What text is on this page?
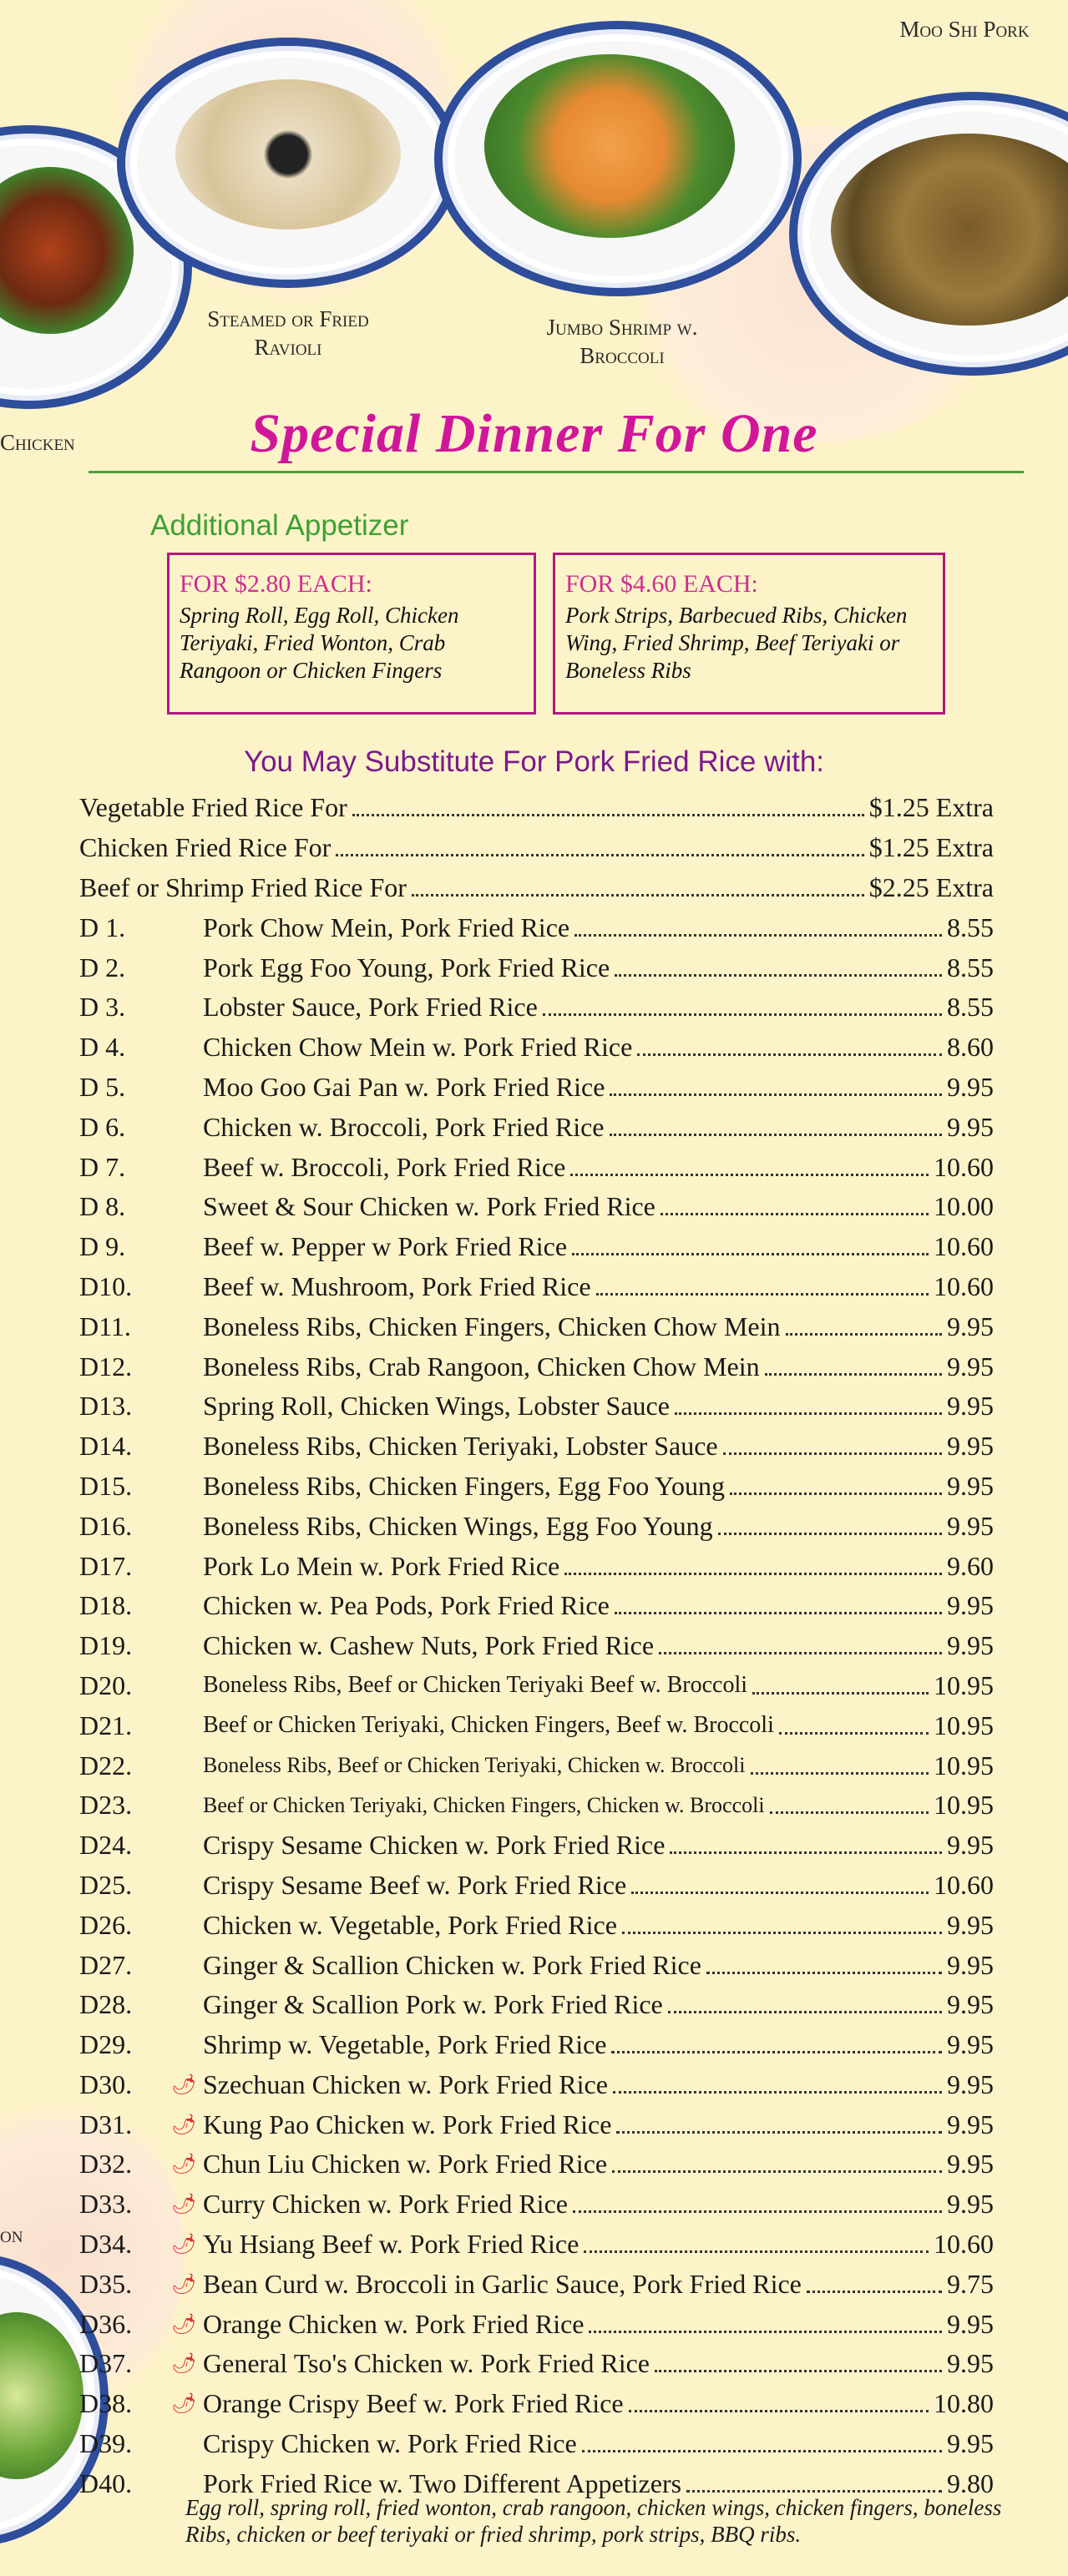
Moo Shi Pork
Steamed or Fried
Ravioli
Jumbo Shrimp w.
Broccoli
Chicken
on
Special Dinner For One
Additional Appetizer
FOR $2.80 EACH:
Spring Roll, Egg Roll, Chicken Teriyaki, Fried Wonton, Crab Rangoon or Chicken Fingers
FOR $4.60 EACH:
Pork Strips, Barbecued Ribs, Chicken Wing, Fried Shrimp, Beef Teriyaki or Boneless Ribs
You May Substitute For Pork Fried Rice with:
Vegetable Fried Rice For	$1.25 Extra
Chicken Fried Rice For	$1.25 Extra
Beef or Shrimp Fried Rice For	$2.25 Extra
D 1.	Pork Chow Mein, Pork Fried Rice	8.55
D 2.	Pork Egg Foo Young, Pork Fried Rice	8.55
D 3.	Lobster Sauce, Pork Fried Rice	8.55
D 4.	Chicken Chow Mein w. Pork Fried Rice	8.60
D 5.	Moo Goo Gai Pan w. Pork Fried Rice	9.95
D 6.	Chicken w. Broccoli, Pork Fried Rice	9.95
D 7.	Beef w. Broccoli, Pork Fried Rice	10.60
D 8.	Sweet & Sour Chicken w. Pork Fried Rice	10.00
D 9.	Beef w. Pepper w Pork Fried Rice	10.60
D10.	Beef w. Mushroom, Pork Fried Rice	10.60
D11.	Boneless Ribs, Chicken Fingers, Chicken Chow Mein	9.95
D12.	Boneless Ribs, Crab Rangoon, Chicken Chow Mein	9.95
D13.	Spring Roll, Chicken Wings, Lobster Sauce	9.95
D14.	Boneless Ribs, Chicken Teriyaki, Lobster Sauce	9.95
D15.	Boneless Ribs, Chicken Fingers, Egg Foo Young	9.95
D16.	Boneless Ribs, Chicken Wings, Egg Foo Young	9.95
D17.	Pork Lo Mein w. Pork Fried Rice	9.60
D18.	Chicken w. Pea Pods, Pork Fried Rice	9.95
D19.	Chicken w. Cashew Nuts, Pork Fried Rice	9.95
D20.	Boneless Ribs, Beef or Chicken Teriyaki Beef w. Broccoli	10.95
D21.	Beef or Chicken Teriyaki, Chicken Fingers, Beef w. Broccoli	10.95
D22.	Boneless Ribs, Beef or Chicken Teriyaki, Chicken w. Broccoli	10.95
D23.	Beef or Chicken Teriyaki, Chicken Fingers, Chicken w. Broccoli	10.95
D24.	Crispy Sesame Chicken w. Pork Fried Rice	9.95
D25.	Crispy Sesame Beef w. Pork Fried Rice	10.60
D26.	Chicken w. Vegetable, Pork Fried Rice	9.95
D27.	Ginger & Scallion Chicken w. Pork Fried Rice	9.95
D28.	Ginger & Scallion Pork w. Pork Fried Rice	9.95
D29.	Shrimp w. Vegetable, Pork Fried Rice	9.95
D30.	🌶 Szechuan Chicken w. Pork Fried Rice	9.95
D31.	🌶 Kung Pao Chicken w. Pork Fried Rice	9.95
D32.	🌶 Chun Liu Chicken w. Pork Fried Rice	9.95
D33.	🌶 Curry Chicken w. Pork Fried Rice	9.95
D34.	🌶 Yu Hsiang Beef w. Pork Fried Rice	10.60
D35.	🌶 Bean Curd w. Broccoli in Garlic Sauce, Pork Fried Rice	9.75
D36.	🌶 Orange Chicken w. Pork Fried Rice	9.95
D37.	🌶 General Tso's Chicken w. Pork Fried Rice	9.95
D38.	🌶 Orange Crispy Beef w. Pork Fried Rice	10.80
D39.	Crispy Chicken w. Pork Fried Rice	9.95
D40.	Pork Fried Rice w. Two Different Appetizers	9.80
Egg roll, spring roll, fried wonton, crab rangoon, chicken wings, chicken fingers, boneless Ribs, chicken or beef teriyaki or fried shrimp, pork strips, BBQ ribs.
